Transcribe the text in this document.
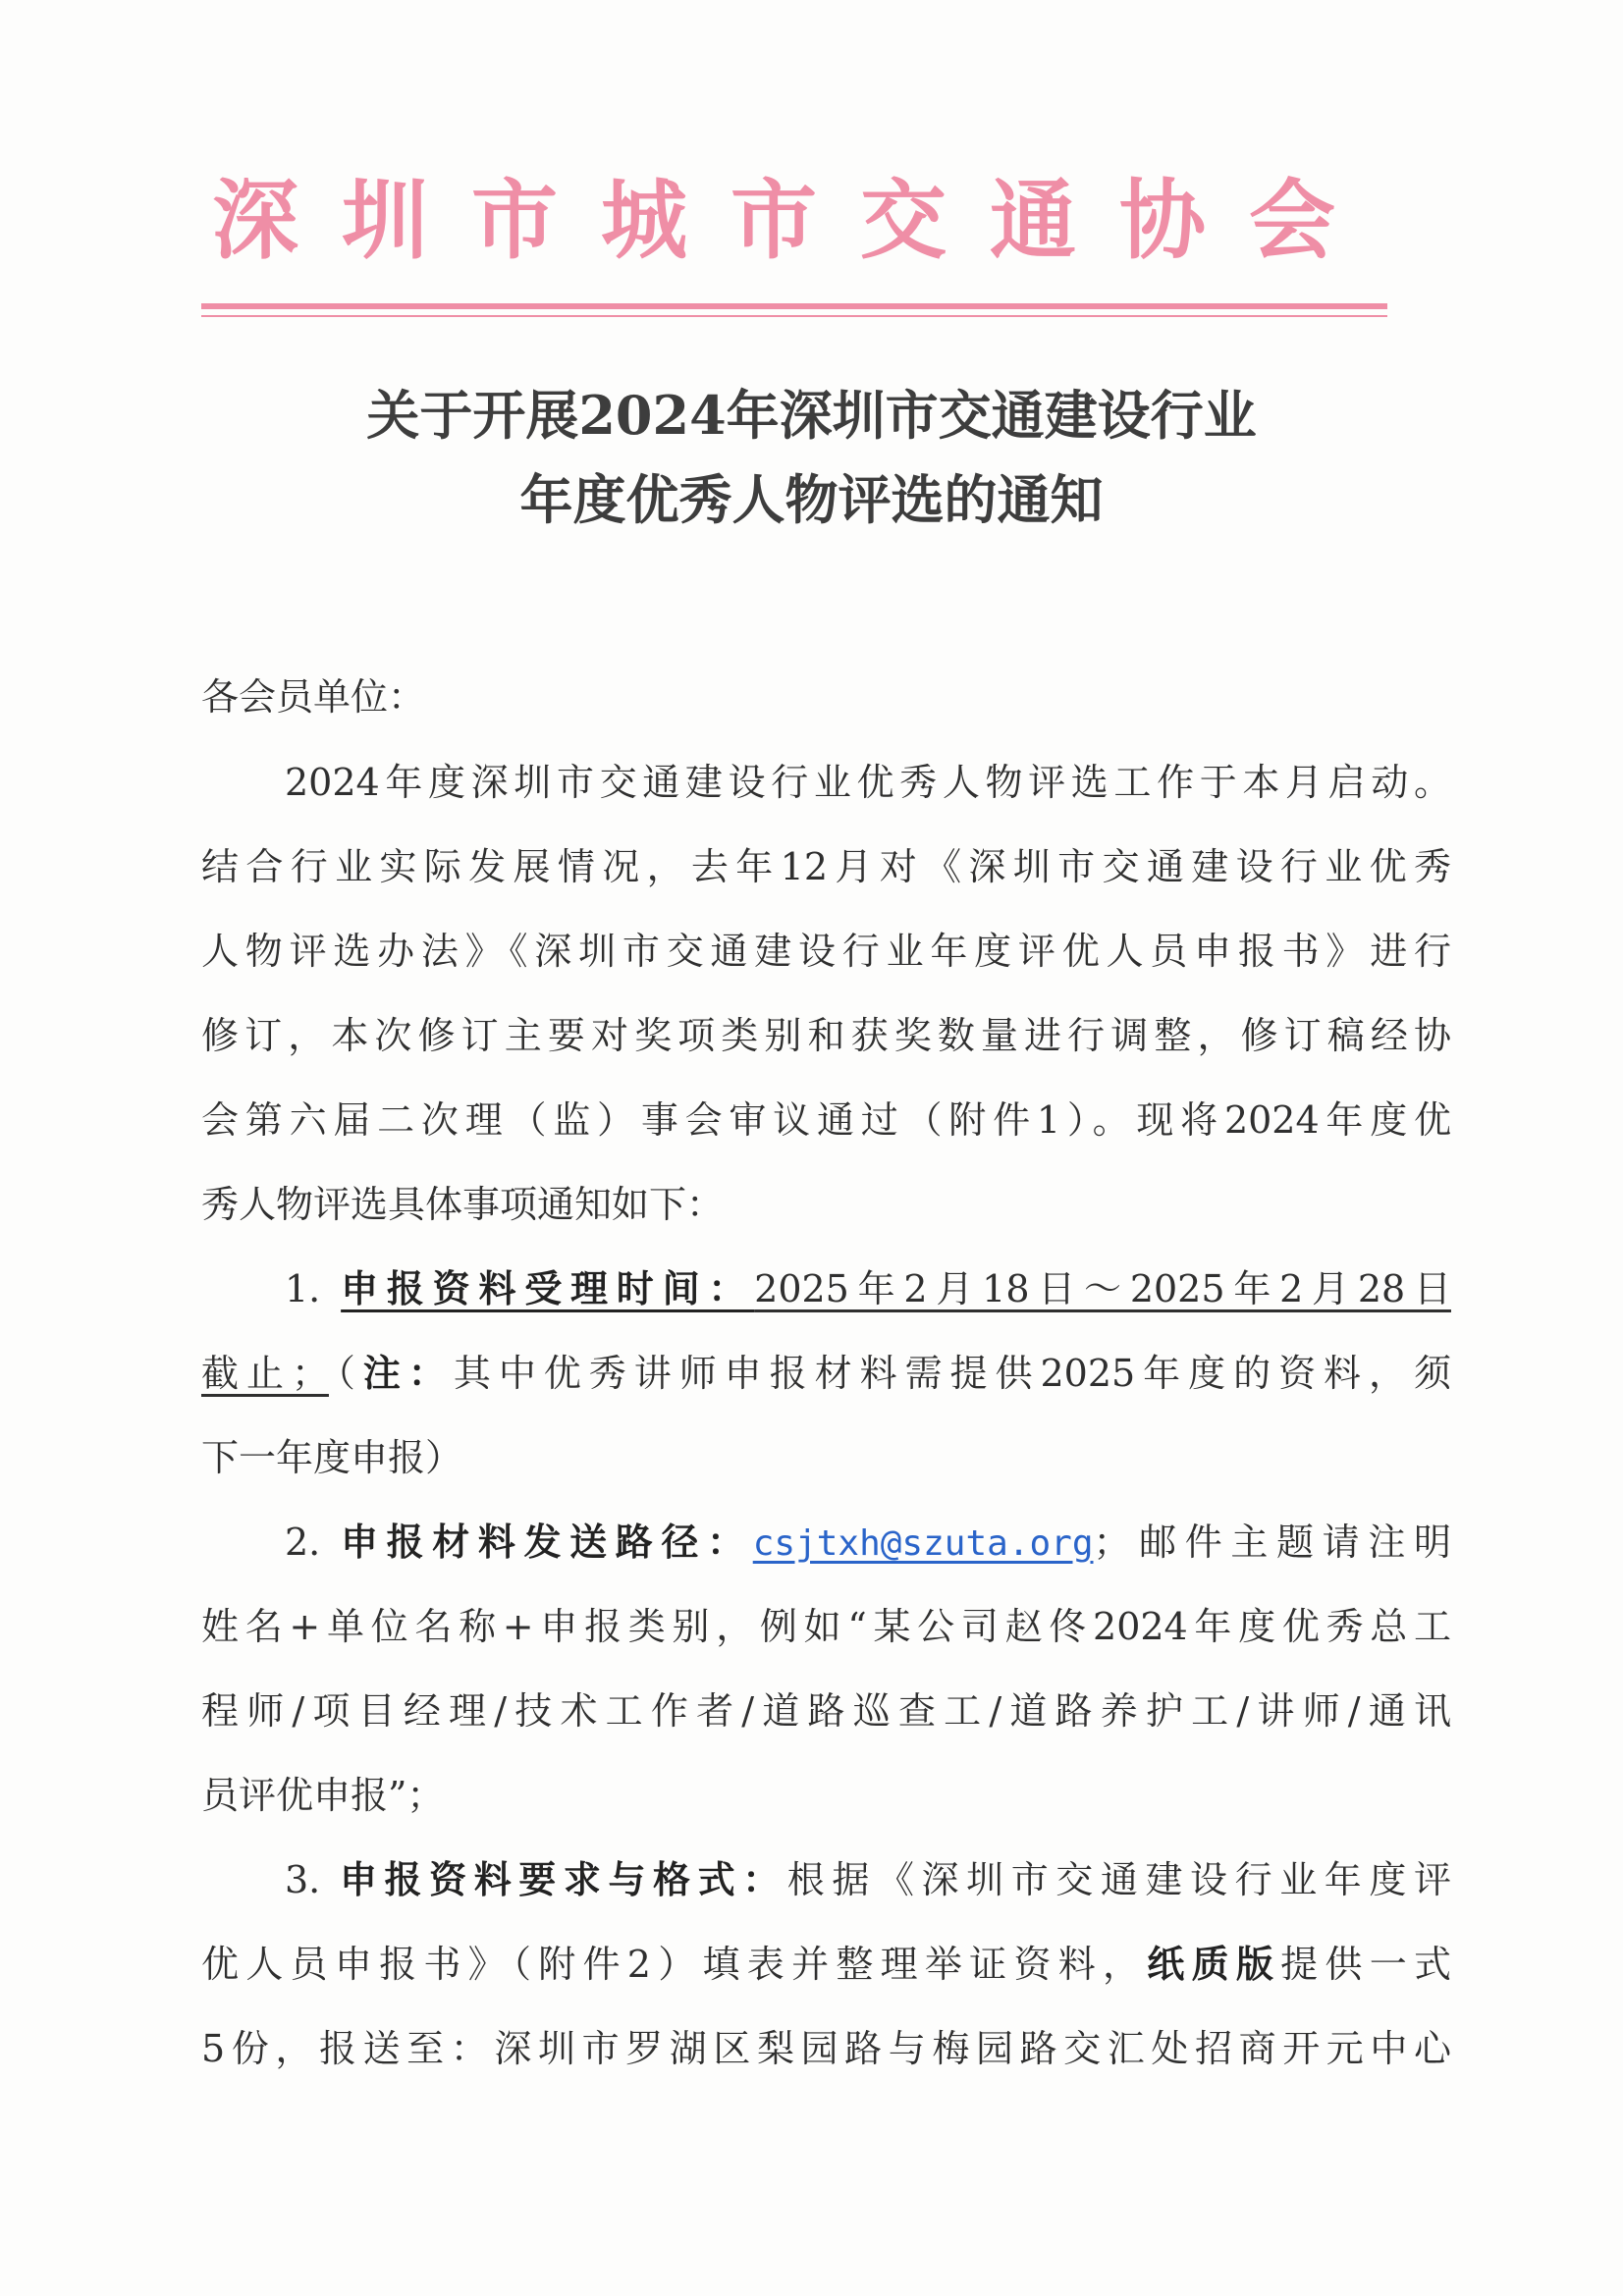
深圳市城市交通协会
关于开展2024年深圳市交通建设行业
年度优秀人物评选的通知
各会员单位：
2024年度深圳市交通建设行业优秀人物评选工作于本月启动。
结合行业实际发展情况，去年12月对《深圳市交通建设行业优秀
人物评选办法》《深圳市交通建设行业年度评优人员申报书》进行
修订，本次修订主要对奖项类别和获奖数量进行调整，修订稿经协
会第六届二次理（监）事会审议通过（附件1）。现将2024年度优
秀人物评选具体事项通知如下：
1. 申报资料受理时间：2025年2月18日～2025年2月28日
截止；（注：其中优秀讲师申报材料需提供2025年度的资料，须
下一年度申报）
2. 申报材料发送路径：csjtxh@szuta.org；邮件主题请注明
姓名+单位名称+申报类别，例如“某公司赵佟2024年度优秀总工
程师/项目经理/技术工作者/道路巡查工/道路养护工/讲师/通讯
员评优申报”；
3. 申报资料要求与格式：根据《深圳市交通建设行业年度评
优人员申报书》（附件2）填表并整理举证资料，纸质版提供一式
5份，报送至：深圳市罗湖区梨园路与梅园路交汇处招商开元中心
